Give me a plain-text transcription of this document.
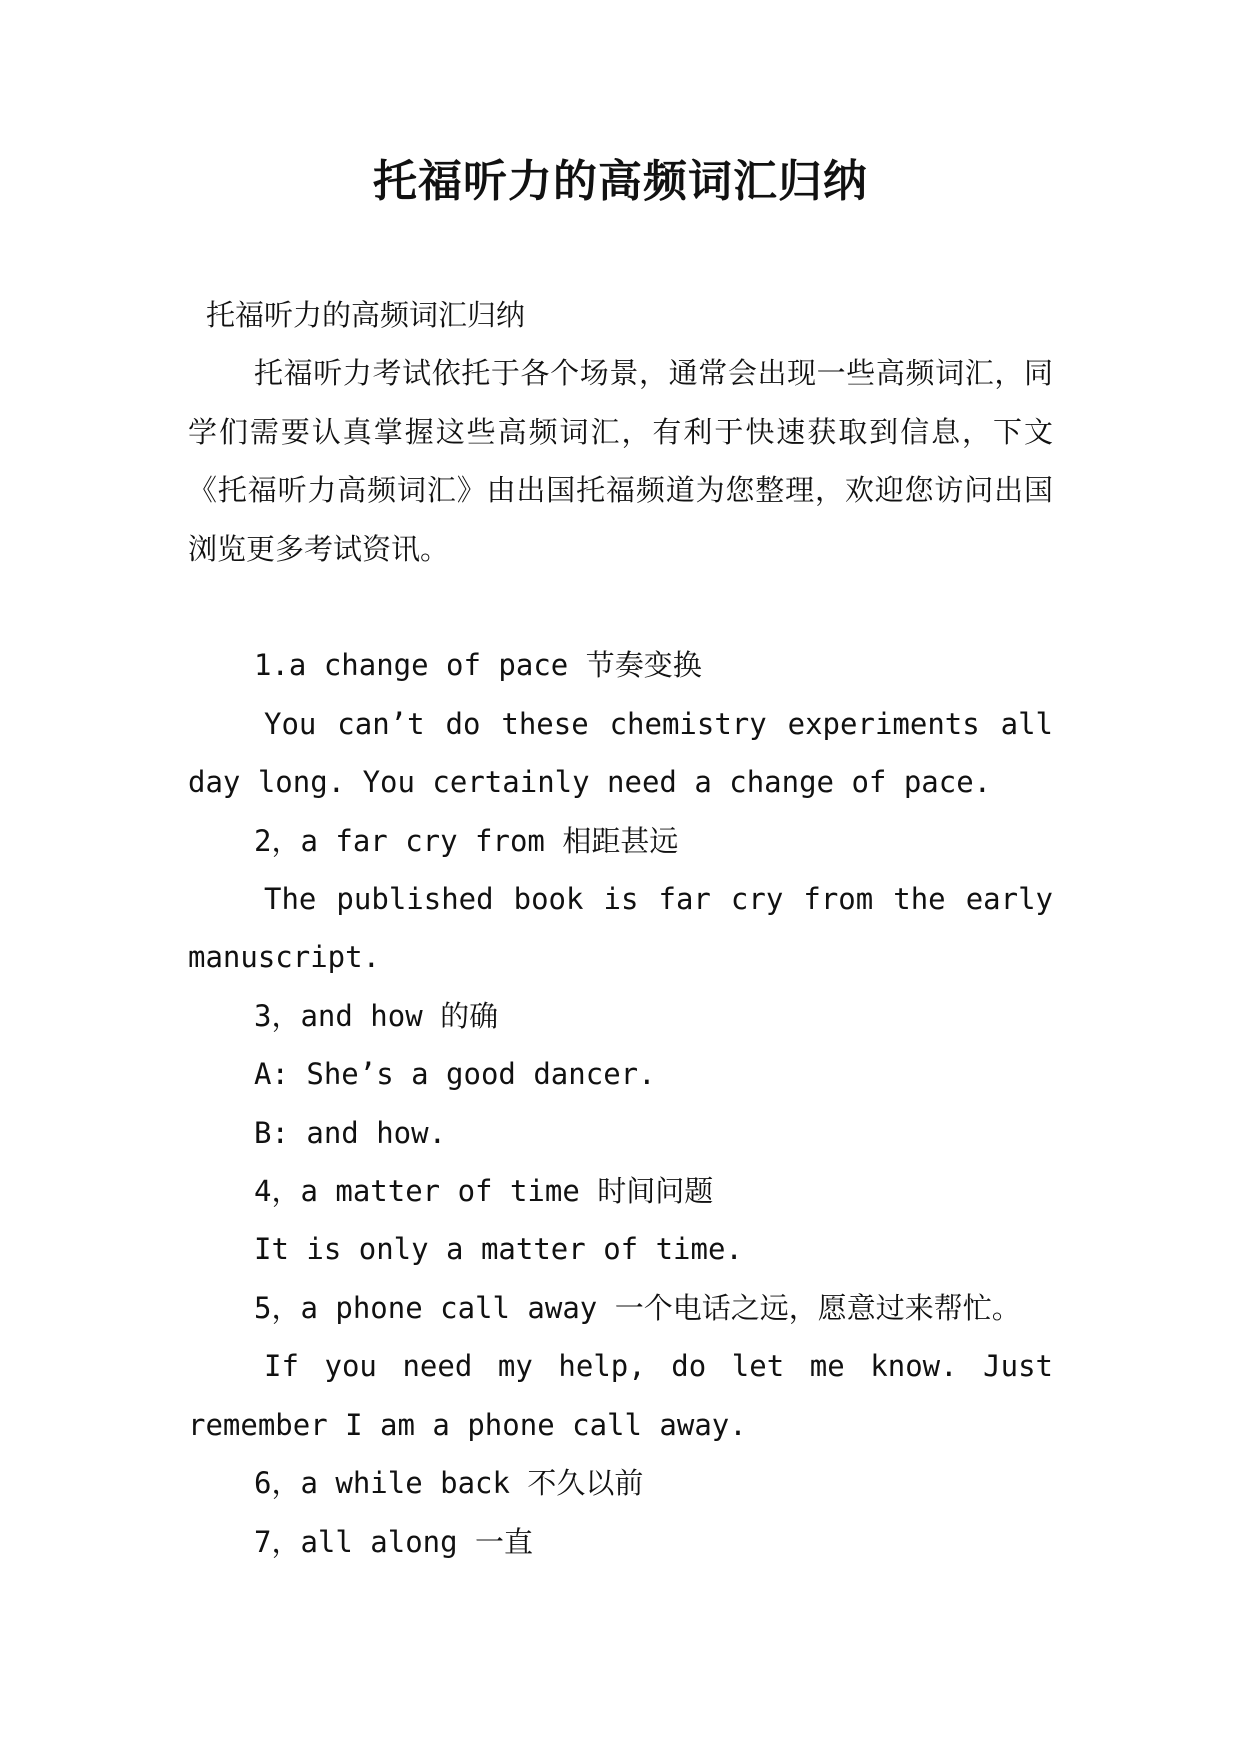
托福听力的高频词汇归纳

托福听力的高频词汇归纳

托福听力考试依托于各个场景，通常会出现一些高频词汇，同学们需要认真掌握这些高频词汇，有利于快速获取到信息，下文《托福听力高频词汇》由出国托福频道为您整理，欢迎您访问出国浏览更多考试资讯。

1.a change of pace 节奏变换

You can’t do these chemistry experiments all day long. You certainly need a change of pace.

2，a far cry from 相距甚远

The published book is far cry from the early manuscript.

3，and how 的确

A: She’s a good dancer.

B: and how.

4，a matter of time 时间问题

It is only a matter of time.

5，a phone call away 一个电话之远，愿意过来帮忙。

If you need my help, do let me know. Just remember I am a phone call away.

6，a while back 不久以前

7，all along 一直
